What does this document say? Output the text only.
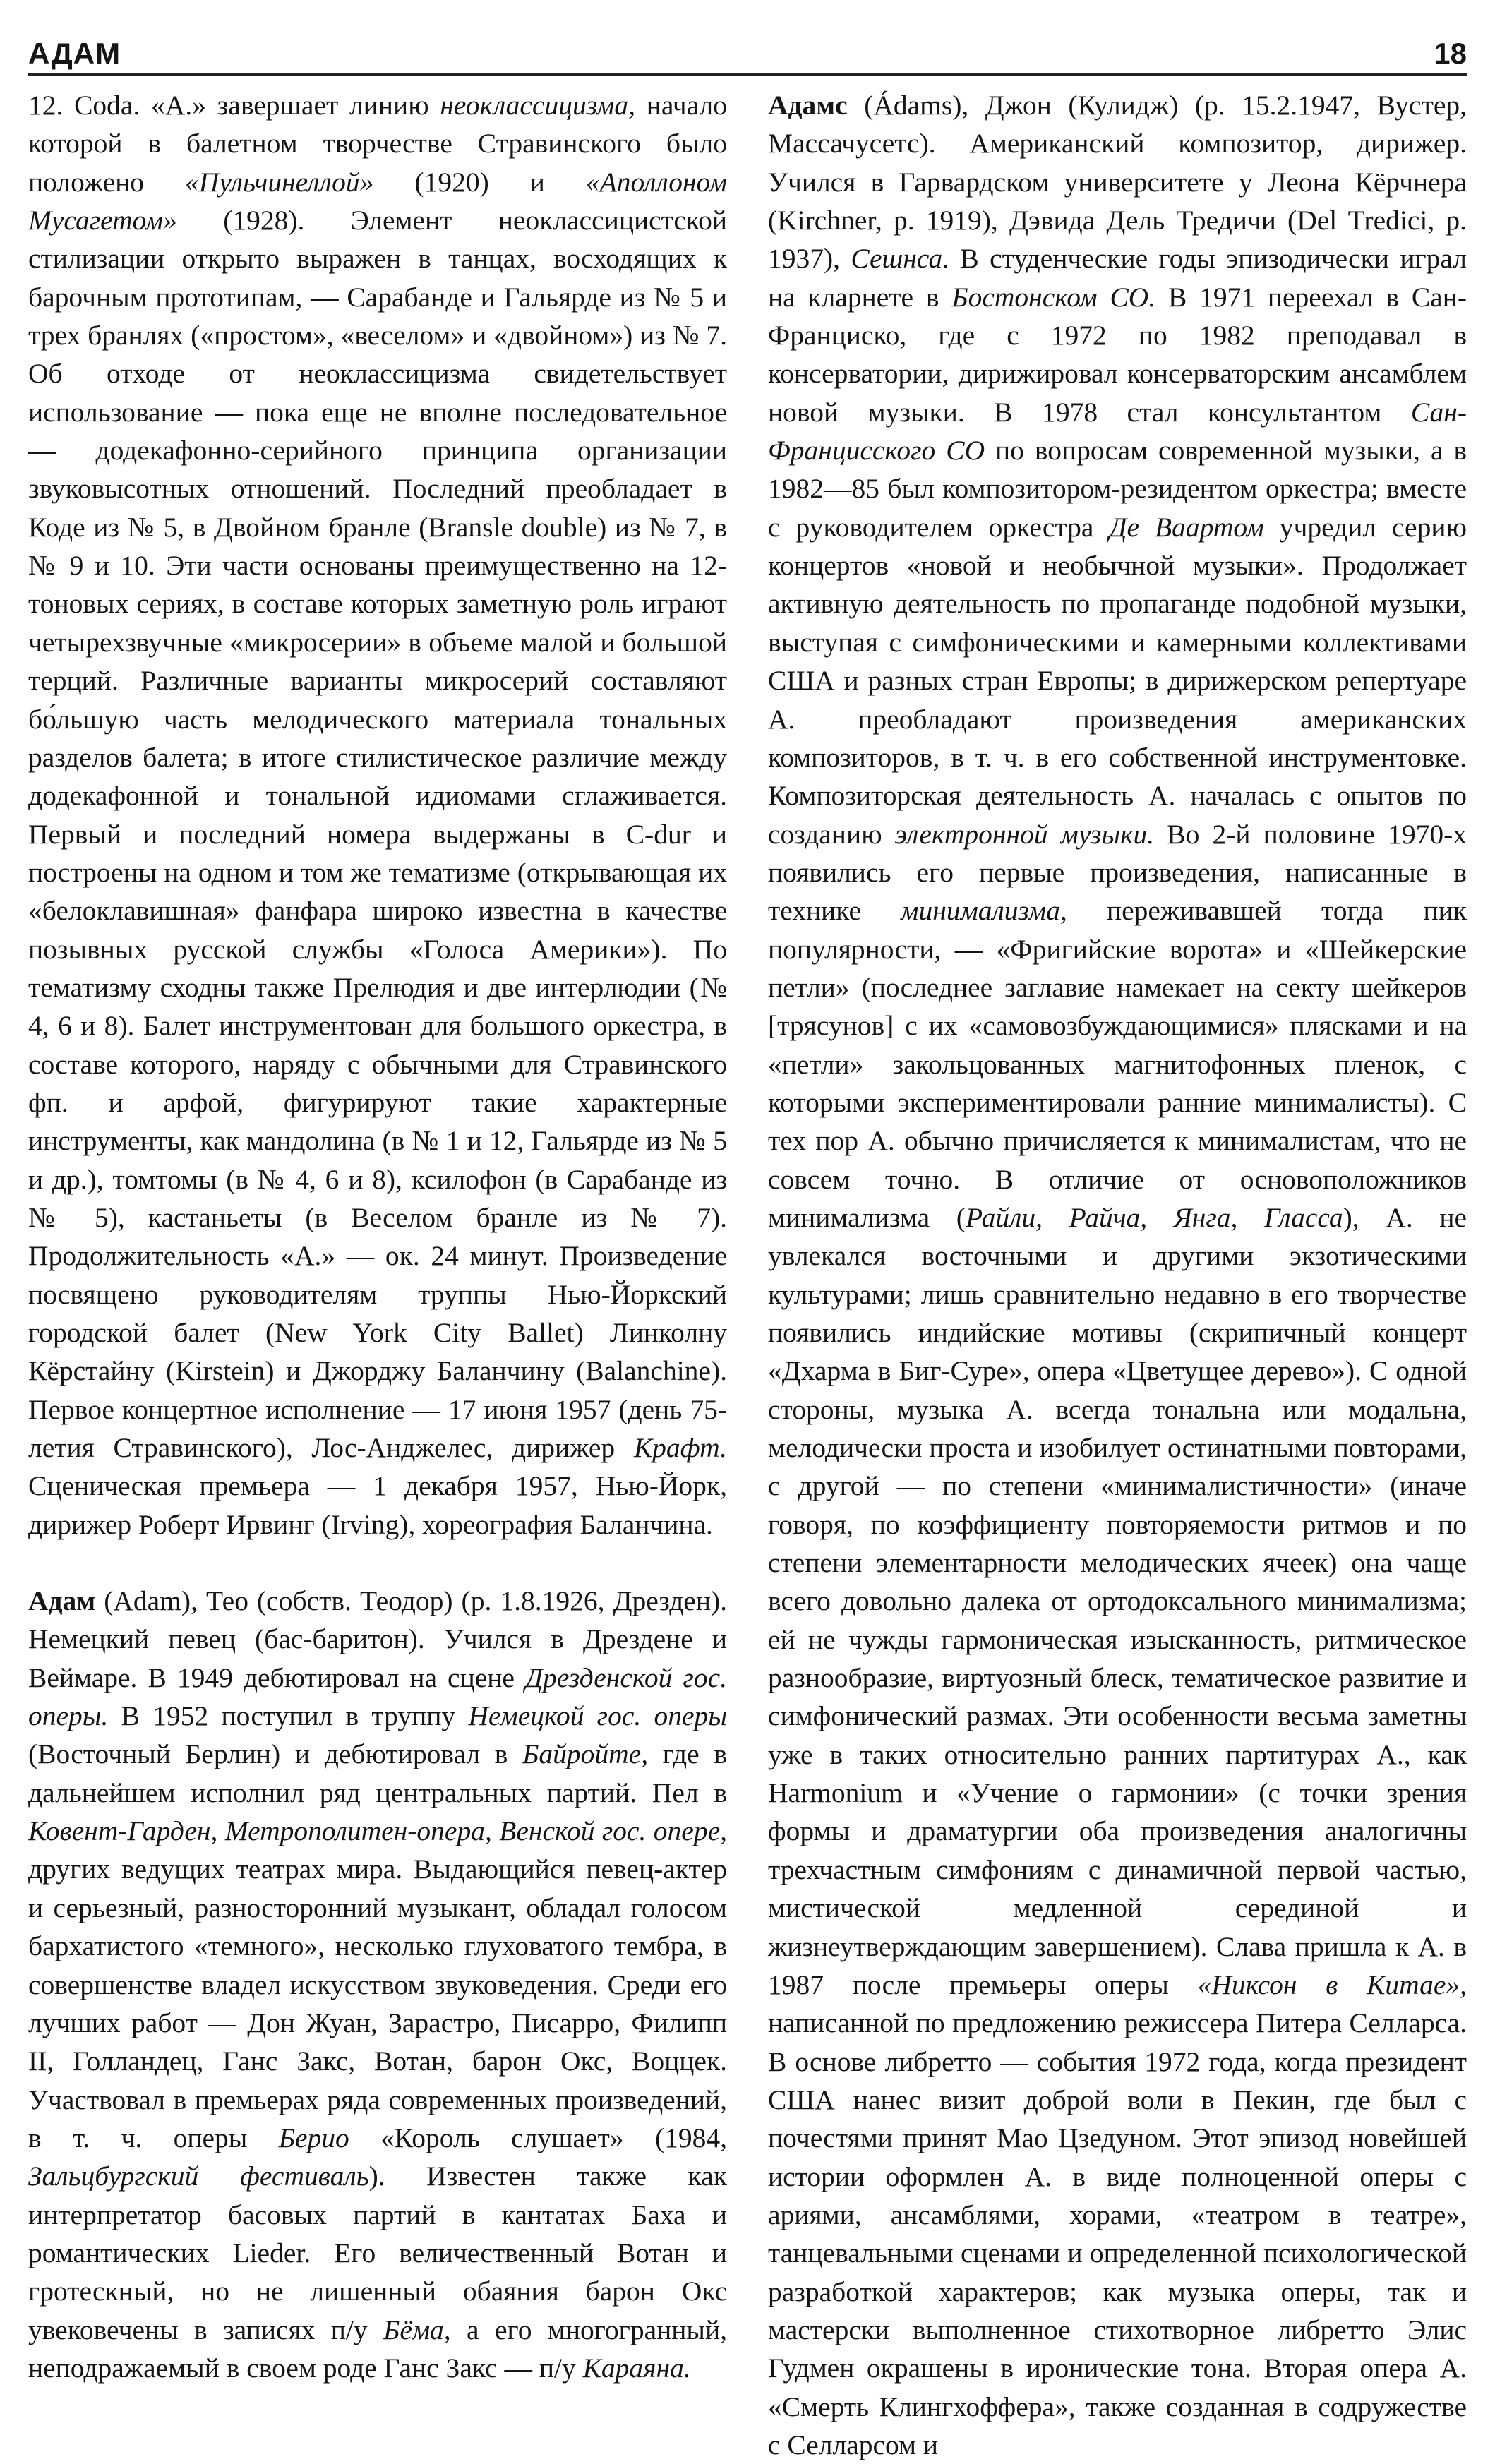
АДАМ	18

12. Coda. «А.» завершает линию неоклассицизма, начало которой в балетном творчестве Стравинского было положено «Пульчинеллой» (1920) и «Аполлоном Мусагетом» (1928). Элемент неоклассицистской стилизации открыто выражен в танцах, восходящих к барочным прототипам, — Сарабанде и Гальярде из № 5 и трех бранлях («простом», «веселом» и «двойном») из № 7. Об отходе от неоклассицизма свидетельствует использование — пока еще не вполне последовательное — додекафонно-серийного принципа организации звуковысотных отношений. Последний преобладает в Коде из № 5, в Двойном бранле (Bransle double) из № 7, в № 9 и 10. Эти части основаны преимущественно на 12-тоновых сериях, в составе которых заметную роль играют четырехзвучные «микросерии» в объеме малой и большой терций. Различные варианты микросерий составляют бо́льшую часть мелодического материала тональных разделов балета; в итоге стилистическое различие между додекафонной и тональной идиомами сглаживается. Первый и последний номера выдержаны в C-dur и построены на одном и том же тематизме (открывающая их «белоклавишная» фанфара широко известна в качестве позывных русской службы «Голоса Америки»). По тематизму сходны также Прелюдия и две интерлюдии (№ 4, 6 и 8). Балет инструментован для большого оркестра, в составе которого, наряду с обычными для Стравинского фп. и арфой, фигурируют такие характерные инструменты, как мандолина (в № 1 и 12, Гальярде из № 5 и др.), томтомы (в № 4, 6 и 8), ксилофон (в Сарабанде из № 5), кастаньеты (в Веселом бранле из № 7). Продолжительность «А.» — ок. 24 минут. Произведение посвящено руководителям труппы Нью-Йоркский городской балет (New York City Ballet) Линколну Кёрстайну (Kirstein) и Джорджу Баланчину (Balanchine). Первое концертное исполнение — 17 июня 1957 (день 75-летия Стравинского), Лос-Анджелес, дирижер Крафт. Сценическая премьера — 1 декабря 1957, Нью-Йорк, дирижер Роберт Ирвинг (Irving), хореография Баланчина.

Адам (Adam), Тео (собств. Теодор) (р. 1.8.1926, Дрезден). Немецкий певец (бас-баритон). Учился в Дрездене и Веймаре. В 1949 дебютировал на сцене Дрезденской гос. оперы. В 1952 поступил в труппу Немецкой гос. оперы (Восточный Берлин) и дебютировал в Байройте, где в дальнейшем исполнил ряд центральных партий. Пел в Ковент-Гарден, Метрополитен-опера, Венской гос. опере, других ведущих театрах мира. Выдающийся певец-актер и серьезный, разносторонний музыкант, обладал голосом бархатистого «темного», несколько глуховатого тембра, в совершенстве владел искусством звуковедения. Среди его лучших работ — Дон Жуан, Зарастро, Писарро, Филипп II, Голландец, Ганс Закс, Вотан, барон Окс, Воццек. Участвовал в премьерах ряда современных произведений, в т. ч. оперы Берио «Король слушает» (1984, Зальцбургский фестиваль). Известен также как интерпретатор басовых партий в кантатах Баха и романтических Lieder. Его величественный Вотан и гротескный, но не лишенный обаяния барон Окс увековечены в записях п/у Бёма, а его многогранный, неподражаемый в своем роде Ганс Закс — п/у Караяна.

Адамс (Ádams), Джон (Кулидж) (р. 15.2.1947, Вустер, Массачусетс). Американский композитор, дирижер. Учился в Гарвардском университете у Леона Кёрчнера (Kirchner, р. 1919), Дэвида Дель Тредичи (Del Tredici, р. 1937), Сешнса. В студенческие годы эпизодически играл на кларнете в Бостонском СО. В 1971 переехал в Сан-Франциско, где с 1972 по 1982 преподавал в консерватории, дирижировал консерваторским ансамблем новой музыки. В 1978 стал консультантом Сан-Францисского СО по вопросам современной музыки, а в 1982—85 был композитором-резидентом оркестра; вместе с руководителем оркестра Де Ваартом учредил серию концертов «новой и необычной музыки». Продолжает активную деятельность по пропаганде подобной музыки, выступая с симфоническими и камерными коллективами США и разных стран Европы; в дирижерском репертуаре А. преобладают произведения американских композиторов, в т. ч. в его собственной инструментовке. Композиторская деятельность А. началась с опытов по созданию электронной музыки. Во 2-й половине 1970-х появились его первые произведения, написанные в технике минимализма, переживавшей тогда пик популярности, — «Фригийские ворота» и «Шейкерские петли» (последнее заглавие намекает на секту шейкеров [трясунов] с их «самовозбуждающимися» плясками и на «петли» закольцованных магнитофонных пленок, с которыми экспериментировали ранние минималисты). С тех пор А. обычно причисляется к минималистам, что не совсем точно. В отличие от основоположников минимализма (Райли, Райча, Янга, Гласса), А. не увлекался восточными и другими экзотическими культурами; лишь сравнительно недавно в его творчестве появились индийские мотивы (скрипичный концерт «Дхарма в Биг-Суре», опера «Цветущее дерево»). С одной стороны, музыка А. всегда тональна или модальна, мелодически проста и изобилует остинатными повторами, с другой — по степени «минималистичности» (иначе говоря, по коэффициенту повторяемости ритмов и по степени элементарности мелодических ячеек) она чаще всего довольно далека от ортодоксального минимализма; ей не чужды гармоническая изысканность, ритмическое разнообразие, виртуозный блеск, тематическое развитие и симфонический размах. Эти особенности весьма заметны уже в таких относительно ранних партитурах А., как Harmonium и «Учение о гармонии» (с точки зрения формы и драматургии оба произведения аналогичны трехчастным симфониям с динамичной первой частью, мистической медленной серединой и жизнеутверждающим завершением). Слава пришла к А. в 1987 после премьеры оперы «Никсон в Китае», написанной по предложению режиссера Питера Селларса. В основе либретто — события 1972 года, когда президент США нанес визит доброй воли в Пекин, где был с почестями принят Мао Цзедуном. Этот эпизод новейшей истории оформлен А. в виде полноценной оперы с ариями, ансамблями, хорами, «театром в театре», танцевальными сценами и определенной психологической разработкой характеров; как музыка оперы, так и мастерски выполненное стихотворное либретто Элис Гудмен окрашены в иронические тона. Вторая опера А. «Смерть Клингхоффера», также созданная в содружестве с Селларсом и
